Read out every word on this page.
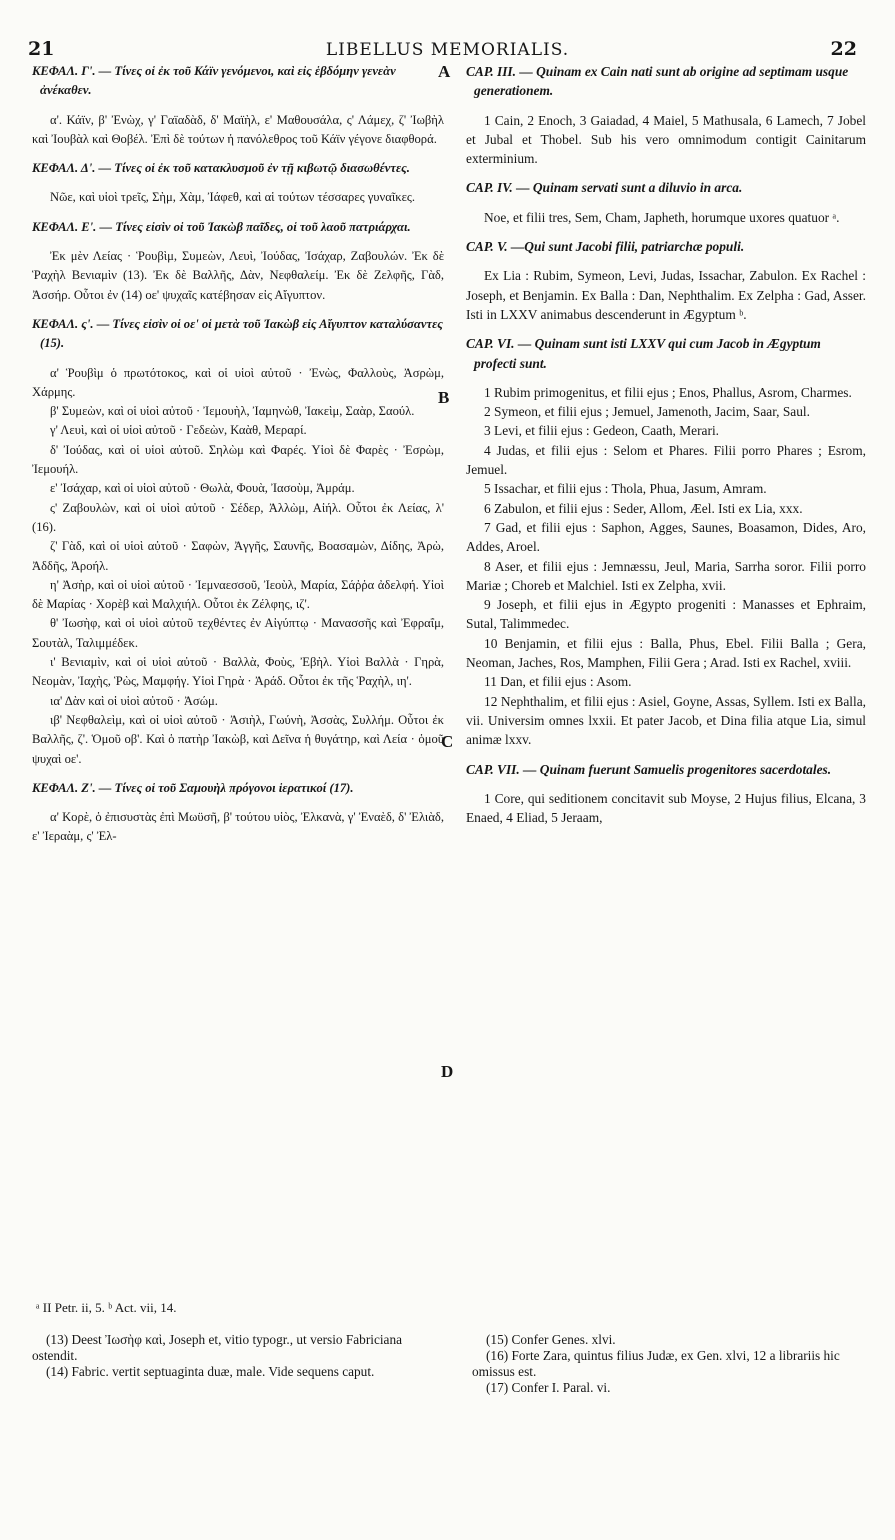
21	LIBELLUS MEMORIALIS.	22
ΚΕΦΑΛ. Γ'. — Τίνες οἱ ἐκ τοῦ Κάϊν γενόμενοι, καὶ εἰς ἑβδόμην γενεὰν ἀνέκαθεν.

α'. Κάϊν, β' Ἐνὼχ, γ' Γαϊαδὰδ, δ' Μαϊὴλ, ε' Μαθουσάλα, ς' Λάμεχ, ζ' Ἰωβὴλ καὶ Ἰουβὰλ καὶ Θοβέλ. Ἐπὶ δὲ τούτων ἡ πανόλεθρος τοῦ Κάϊν γέγονε διαφθορά.

ΚΕΦΑΛ. Δ'. — Τίνες οἱ ἐκ τοῦ κατακλυσμοῦ ἐν τῇ κιβωτῷ διασωθέντες.

Νῶε, καὶ υἱοὶ τρεῖς, Σὴμ, Χὰμ, Ἰάφεθ, καὶ αἱ τούτων τέσσαρες γυναῖκες.

ΚΕΦΑΛ. Ε'. — Τίνες εἰσὶν οἱ τοῦ Ἰακὼβ παῖδες, οἱ τοῦ λαοῦ πατριάρχαι.

Ἐκ μὲν Λείας · Ῥουβὶμ, Συμεὼν, Λευὶ, Ἰούδας, Ἰσάχαρ, Ζαβουλών. Ἐκ δὲ Ῥαχὴλ Βενιαμὶν (13). Ἐκ δὲ Βαλλῆς, Δὰν, Νεφθαλείμ. Ἐκ δὲ Ζελφῆς, Γὰδ, Ἀσσήρ. Οὗτοι ἐν (14) οε' ψυχαῖς κατέβησαν εἰς Αἴγυπτον.

ΚΕΦΑΛ. ς'. — Τίνες εἰσὶν οἱ οε' οἱ μετὰ τοῦ Ἰακὼβ εἰς Αἴγυπτον καταλύσαντες (15).

α' Ῥουβὶμ ὁ πρωτότοκος, καὶ οἱ υἱοὶ αὐτοῦ · Ἐνὼς, Φαλλοὺς, Ἀσρὼμ, Χάρμης.

β' Συμεὼν, καὶ οἱ υἱοὶ αὐτοῦ · Ἰεμουὴλ, Ἰαμηνὼθ, Ἰακεὶμ, Σαὰρ, Σαούλ.

γ' Λευὶ, καὶ οἱ υἱοὶ αὐτοῦ · Γεδεὼν, Καὰθ, Μεραρί.

δ' Ἰούδας, καὶ οἱ υἱοὶ αὐτοῦ. Σηλὼμ καὶ Φαρές. Υἱοὶ δὲ Φαρὲς · Ἐσρὼμ, Ἰεμουήλ.

ε' Ἰσάχαρ, καὶ οἱ υἱοὶ αὐτοῦ · Θωλὰ, Φουὰ, Ἰασοὺμ, Ἀμράμ.

ς' Ζαβουλὼν, καὶ οἱ υἱοὶ αὐτοῦ · Σέδερ, Ἀλλὼμ, Αἰήλ. Οὗτοι ἐκ Λείας, λ' (16).

ζ' Γὰδ, καὶ οἱ υἱοὶ αὐτοῦ · Σαφὼν, Ἀγγῆς, Σαυνῆς, Βοασαμὼν, Δίδης, Ἀρὼ, Ἀδδῆς, Ἀροήλ.

η' Ἀσὴρ, καὶ οἱ υἱοὶ αὐτοῦ · Ἰεμναεσσοῦ, Ἰεοὺλ, Μαρία, Σάῤῥα ἀδελφή. Υἱοὶ δὲ Μαρίας · Χορὲβ καὶ Μαλχιήλ. Οὗτοι ἐκ Ζέλφης, ιζ'.

θ' Ἰωσὴφ, καὶ οἱ υἱοὶ αὐτοῦ τεχθέντες ἐν Αἰγύπτῳ · Μανασσῆς καὶ Ἐφραΐμ, Σουτὰλ, Ταλιμμέδεκ.

ι' Βενιαμὶν, καὶ οἱ υἱοὶ αὐτοῦ · Βαλλὰ, Φοὺς, Ἐβὴλ. Υἱοὶ Βαλλὰ · Γηρὰ, Νεομὰν, Ἰαχὴς, Ῥὼς, Μαμφήγ. Υἱοὶ Γηρὰ · Ἀράδ. Οὗτοι ἐκ τῆς Ῥαχὴλ, ιη'.

ια' Δὰν καὶ οἱ υἱοὶ αὐτοῦ · Ἀσώμ.

ιβ' Νεφθαλεὶμ, καὶ οἱ υἱοὶ αὐτοῦ · Ἀσιὴλ, Γωύνὴ, Ἀσσὰς, Συλλήμ. Οὗτοι ἐκ Βαλλῆς, ζ'. Ὁμοῦ οβ'. Καὶ ὁ πατὴρ Ἰακὼβ, καὶ Δεῖνα ἡ θυγάτηρ, καὶ Λεία · ὁμοῦ ψυχαὶ οε'.

ΚΕΦΑΛ. Ζ'. — Τίνες οἱ τοῦ Σαμουὴλ πρόγονοι ἱερατικοί (17).

α' Κορὲ, ὁ ἐπισυστὰς ἐπὶ Μωϋσῆ, β' τούτου υἱὸς, Ἐλκανὰ, γ' Ἐναὲδ, δ' Ἐλιὰδ, ε' Ἰεραὰμ, ς' Ἐλ-

CAP. III. — Quinam ex Cain nati sunt ab origine ad septimam usque generationem.

1 Cain, 2 Enoch, 3 Gaiadad, 4 Maiel, 5 Mathusala, 6 Lamech, 7 Jobel et Jubal et Thobel. Sub his vero omnimodum contigit Cainitarum exterminium.

CAP. IV. — Quinam servati sunt a diluvio in arca.

Noe, et filii tres, Sem, Cham, Japheth, horumque uxores quatuor ᵃ.

CAP. V. —Qui sunt Jacobi filii, patriarchæ populi.

Ex Lia : Rubim, Symeon, Levi, Judas, Issachar, Zabulon. Ex Rachel : Joseph, et Benjamin. Ex Balla : Dan, Nephthalim. Ex Zelpha : Gad, Asser. Isti in LXXV animabus descenderunt in Ægyptum ᵇ.

CAP. VI. — Quinam sunt isti LXXV qui cum Jacob in Ægyptum profecti sunt.

1 Rubim primogenitus, et filii ejus ; Enos, Phallus, Asrom, Charmes.

2 Symeon, et filii ejus ; Jemuel, Jamenoth, Jacim, Saar, Saul.

3 Levi, et filii ejus : Gedeon, Caath, Merari.

4 Judas, et filii ejus : Selom et Phares. Filii porro Phares ; Esrom, Jemuel.

5 Issachar, et filii ejus : Thola, Phua, Jasum, Amram.

6 Zabulon, et filii ejus : Seder, Allom, Æel. Isti ex Lia, xxx.

7 Gad, et filii ejus : Saphon, Agges, Saunes, Boasamon, Dides, Aro, Addes, Aroel.

8 Aser, et filii ejus : Jemnæssu, Jeul, Maria, Sarrha soror. Filii porro Mariæ ; Choreb et Malchiel. Isti ex Zelpha, xvii.

9 Joseph, et filii ejus in Ægypto progeniti : Manasses et Ephraim, Sutal, Talimmedec.

10 Benjamin, et filii ejus : Balla, Phus, Ebel. Filii Balla ; Gera, Neoman, Jaches, Ros, Mamphen, Filii Gera ; Arad. Isti ex Rachel, xviii.

11 Dan, et filii ejus : Asom.

12 Nephthalim, et filii ejus : Asiel, Goyne, Assas, Syllem. Isti ex Balla, vii. Universim omnes lxxii. Et pater Jacob, et Dina filia atque Lia, simul animæ lxxv.

CAP. VII. — Quinam fuerunt Samuelis progenitores sacerdotales.

1 Core, qui seditionem concitavit sub Moyse, 2 Hujus filius, Elcana, 3 Enaed, 4 Eliad, 5 Jeraam,

A
B
C
D
ᵃ II Petr. ii, 5. ᵇ Act. vii, 14.

(13) Deest Ἰωσὴφ καὶ, Joseph et, vitio typogr., ut versio Fabriciana ostendit.

(14) Fabric. vertit septuaginta duæ, male. Vide sequens caput.

(15) Confer Genes. xlvi.

(16) Forte Zara, quintus filius Judæ, ex Gen. xlvi, 12 a librariis hic omissus est.

(17) Confer I. Paral. vi.
